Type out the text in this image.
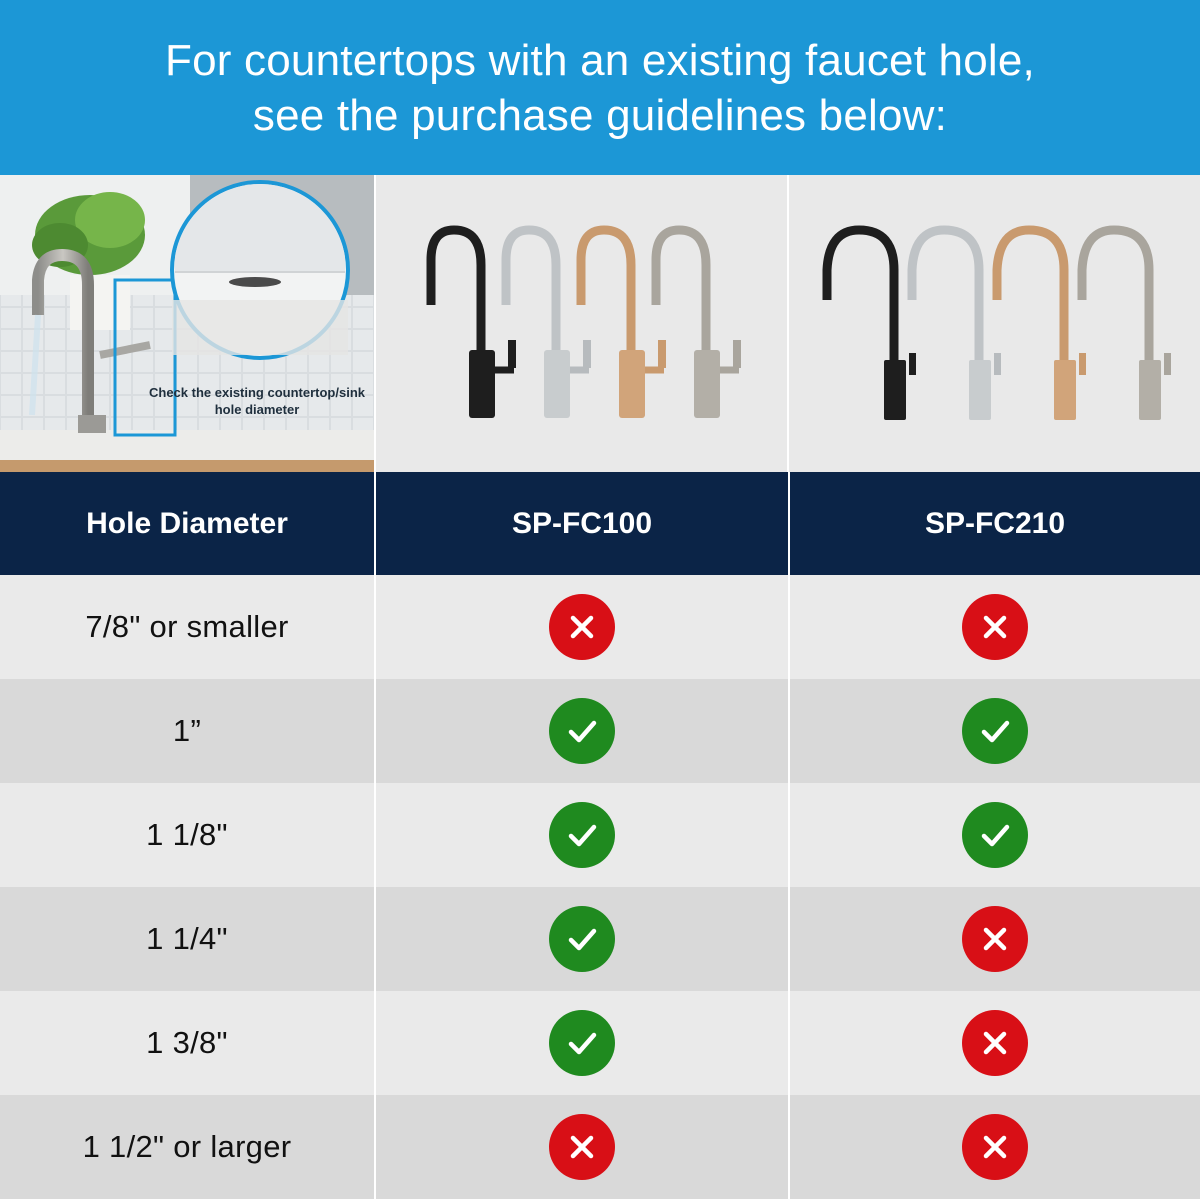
For countertops with an existing faucet hole,
see the purchase guidelines below:
Check the existing countertop/sink hole diameter
Hole Diameter	SP-FC100	SP-FC210
7/8" or smaller
1”
1 1/8"
1 1/4"
1 3/8"
1 1/2" or larger
